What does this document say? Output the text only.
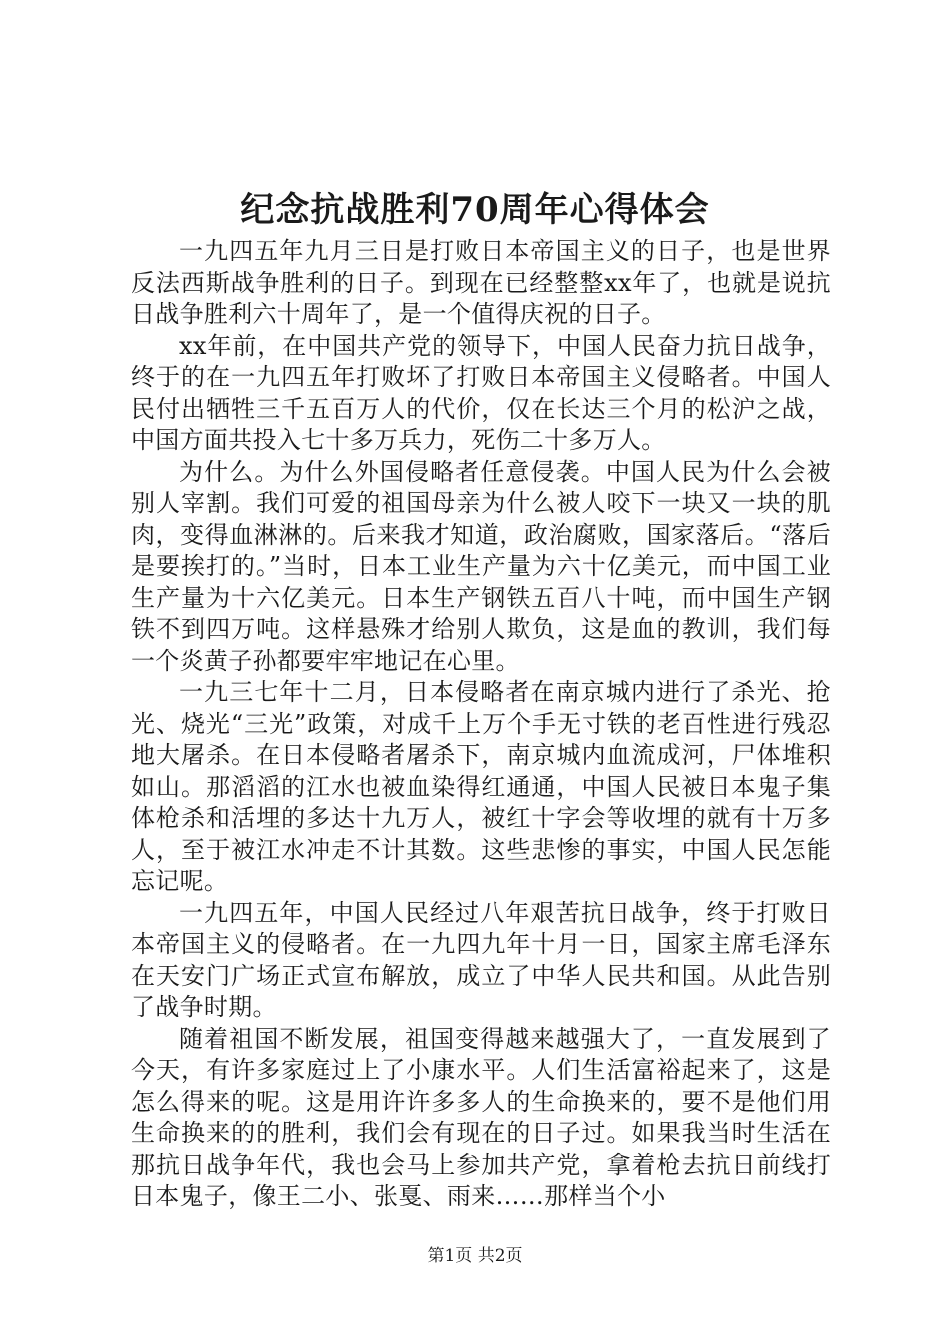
纪念抗战胜利70周年心得体会

一九四五年九月三日是打败日本帝国主义的日子，也是世界反法西斯战争胜利的日子。到现在已经整整xx年了，也就是说抗日战争胜利六十周年了，是一个值得庆祝的日子。

xx年前，在中国共产党的领导下，中国人民奋力抗日战争，终于的在一九四五年打败坏了打败日本帝国主义侵略者。中国人民付出牺牲三千五百万人的代价，仅在长达三个月的松沪之战，中国方面共投入七十多万兵力，死伤二十多万人。

为什么。为什么外国侵略者任意侵袭。中国人民为什么会被别人宰割。我们可爱的祖国母亲为什么被人咬下一块又一块的肌肉，变得血淋淋的。后来我才知道，政治腐败，国家落后。“落后是要挨打的。”当时，日本工业生产量为六十亿美元，而中国工业生产量为十六亿美元。日本生产钢铁五百八十吨，而中国生产钢铁不到四万吨。这样悬殊才给别人欺负，这是血的教训，我们每一个炎黄子孙都要牢牢地记在心里。

一九三七年十二月，日本侵略者在南京城内进行了杀光、抢光、烧光“三光”政策，对成千上万个手无寸铁的老百性进行残忍地大屠杀。在日本侵略者屠杀下，南京城内血流成河，尸体堆积如山。那滔滔的江水也被血染得红通通，中国人民被日本鬼子集体枪杀和活埋的多达十九万人，被红十字会等收埋的就有十万多人，至于被江水冲走不计其数。这些悲惨的事实，中国人民怎能忘记呢。

一九四五年，中国人民经过八年艰苦抗日战争，终于打败日本帝国主义的侵略者。在一九四九年十月一日，国家主席毛泽东在天安门广场正式宣布解放，成立了中华人民共和国。从此告别了战争时期。

随着祖国不断发展，祖国变得越来越强大了，一直发展到了今天，有许多家庭过上了小康水平。人们生活富裕起来了，这是怎么得来的呢。这是用许许多多人的生命换来的，要不是他们用生命换来的的胜利，我们会有现在的日子过。如果我当时生活在那抗日战争年代，我也会马上参加共产党，拿着枪去抗日前线打日本鬼子，像王二小、张戛、雨来……那样当个小

第1页 共2页
